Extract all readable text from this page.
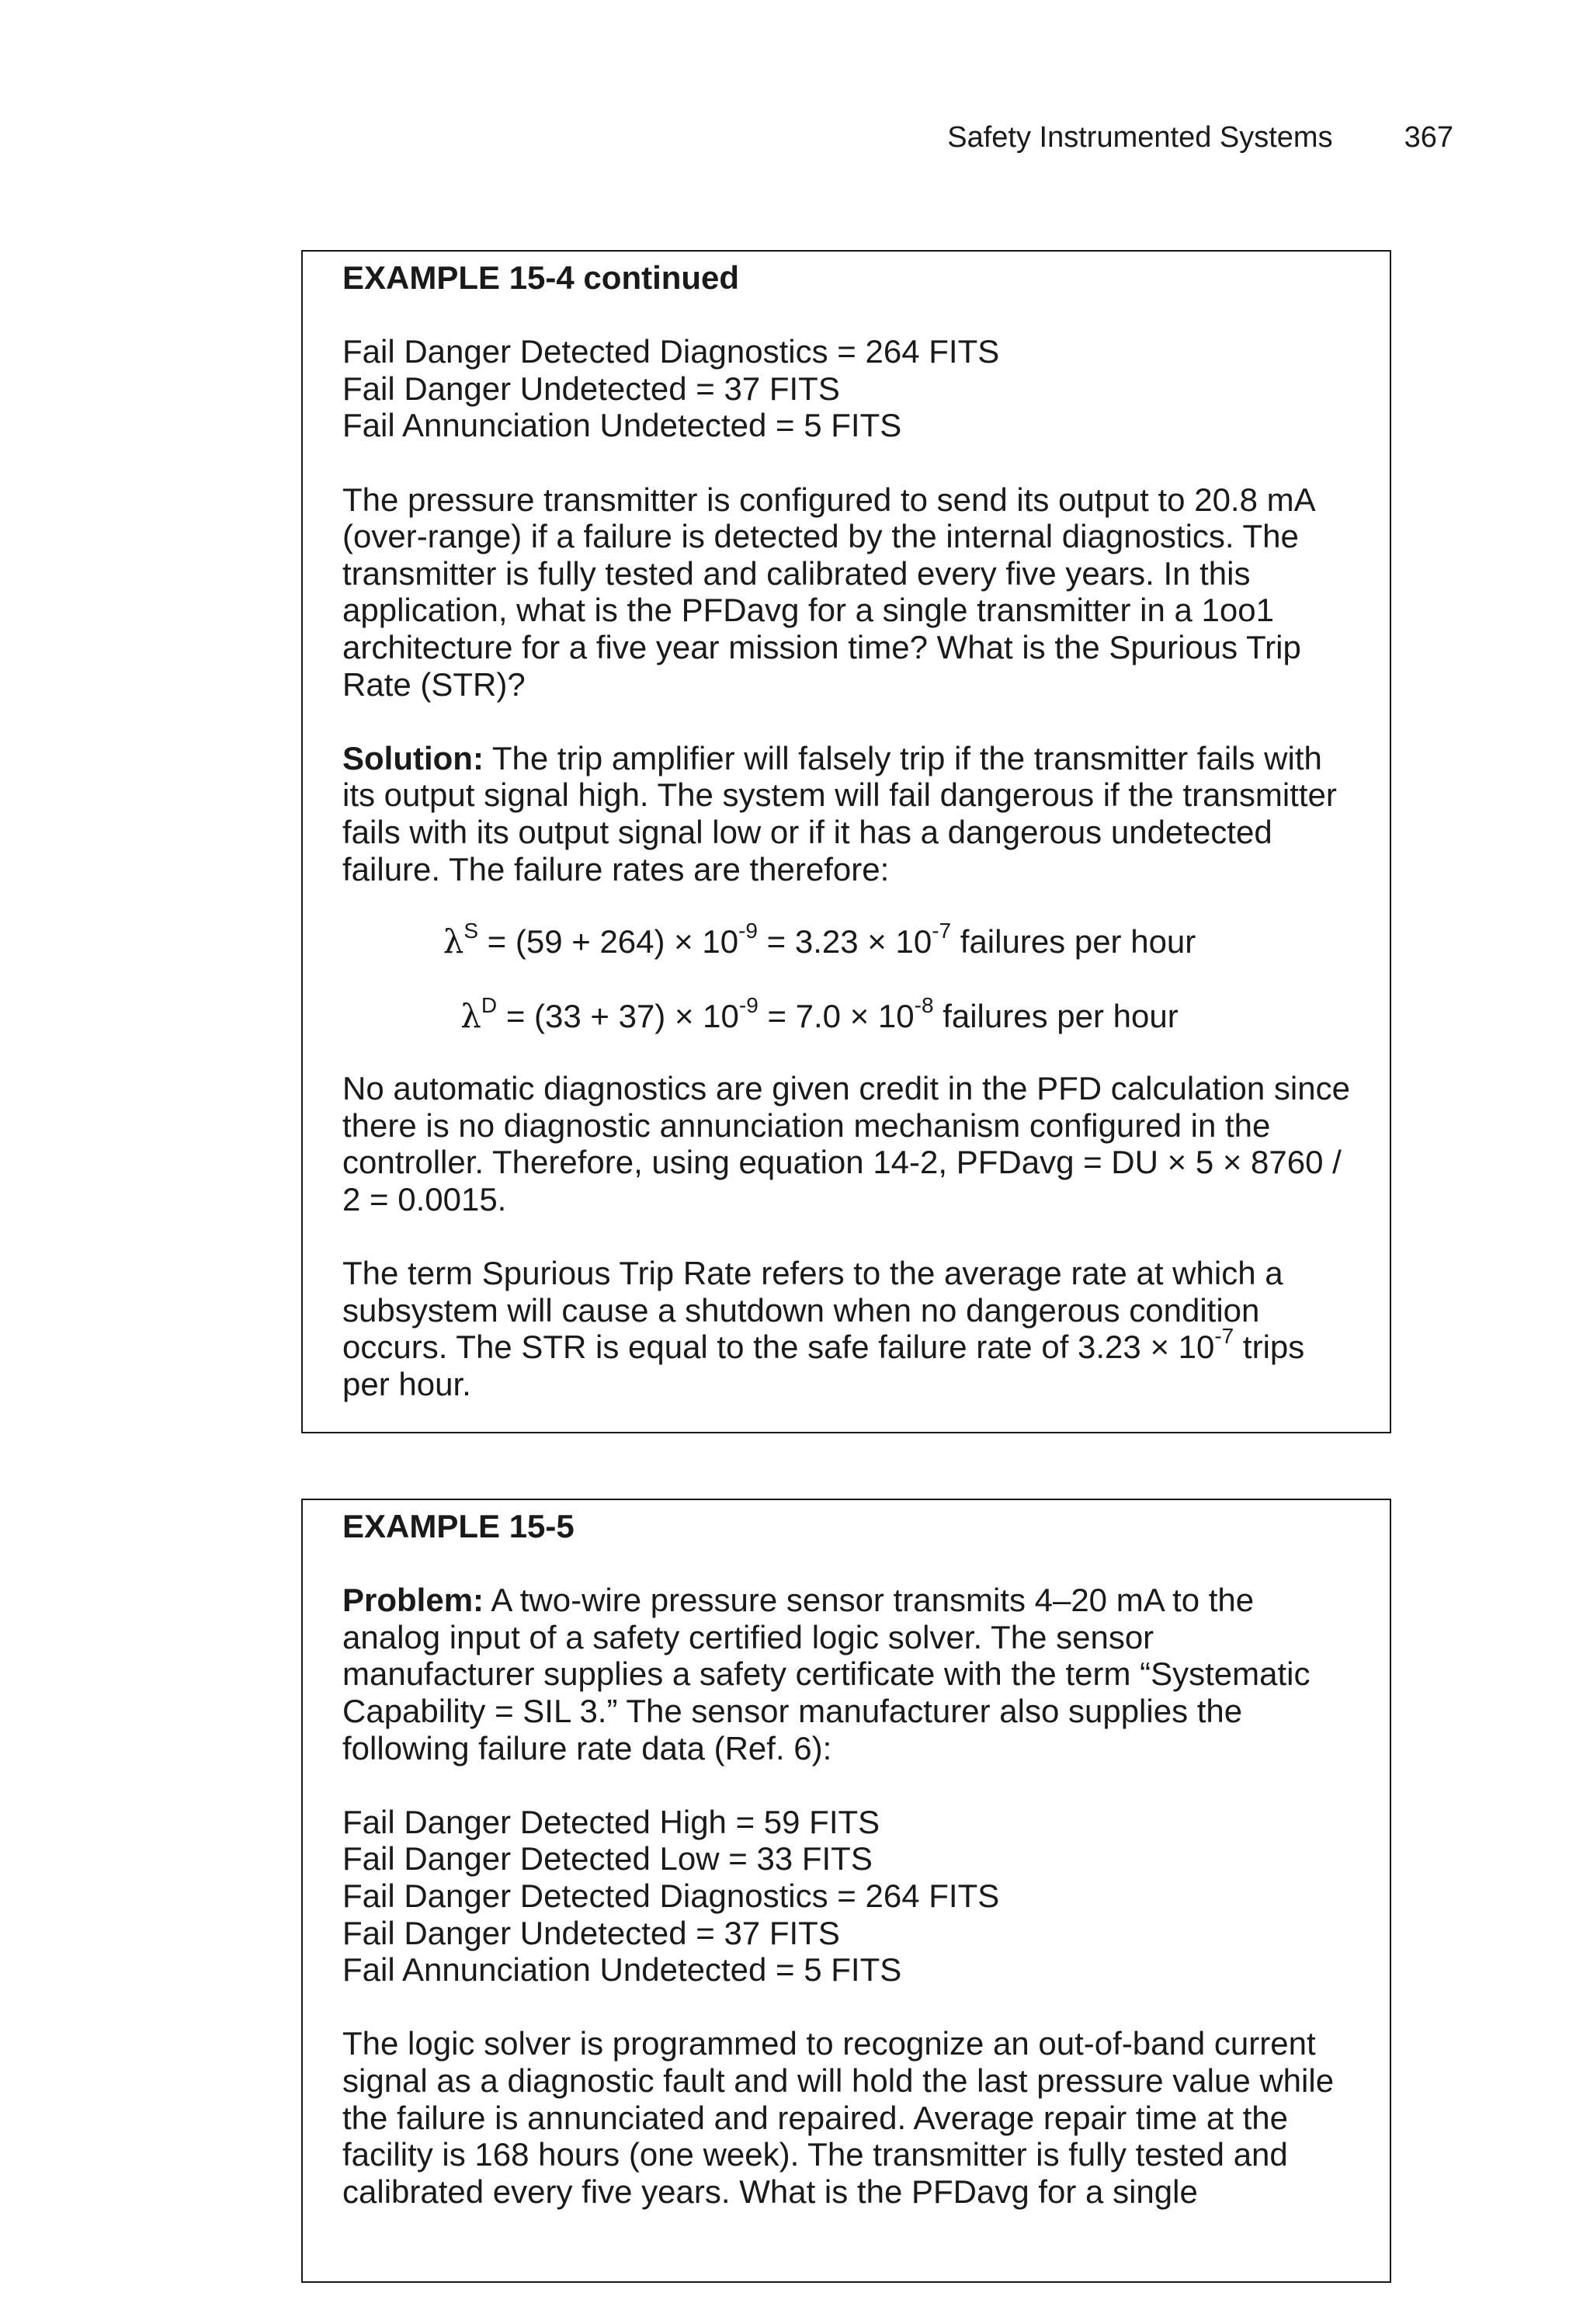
Safety Instrumented Systems 367

EXAMPLE 15-4 continued

Fail Danger Detected Diagnostics = 264 FITS
Fail Danger Undetected = 37 FITS
Fail Annunciation Undetected = 5 FITS

The pressure transmitter is configured to send its output to 20.8 mA (over-range) if a failure is detected by the internal diagnostics. The transmitter is fully tested and calibrated every five years. In this application, what is the PFDavg for a single transmitter in a 1oo1 architecture for a five year mission time? What is the Spurious Trip Rate (STR)?

Solution: The trip amplifier will falsely trip if the transmitter fails with its output signal high. The system will fail dangerous if the transmitter fails with its output signal low or if it has a dangerous undetected failure. The failure rates are therefore:

$\lambda^S = (59 + 264) \times 10^{-9} = 3.23 \times 10^{-7}$ failures per hour

$\lambda^D = (33 + 37) \times 10^{-9} = 7.0 \times 10^{-8}$ failures per hour

No automatic diagnostics are given credit in the PFD calculation since there is no diagnostic annunciation mechanism configured in the controller. Therefore, using equation 14-2, PFDavg = DU × 5 × 8760 / 2 = 0.0015.

The term Spurious Trip Rate refers to the average rate at which a subsystem will cause a shutdown when no dangerous condition occurs. The STR is equal to the safe failure rate of $3.23 \times 10^{-7}$ trips per hour.

EXAMPLE 15-5

Problem: A two-wire pressure sensor transmits 4–20 mA to the analog input of a safety certified logic solver. The sensor manufacturer supplies a safety certificate with the term “Systematic Capability = SIL 3.” The sensor manufacturer also supplies the following failure rate data (Ref. 6):

Fail Danger Detected High = 59 FITS
Fail Danger Detected Low = 33 FITS
Fail Danger Detected Diagnostics = 264 FITS
Fail Danger Undetected = 37 FITS
Fail Annunciation Undetected = 5 FITS

The logic solver is programmed to recognize an out-of-band current signal as a diagnostic fault and will hold the last pressure value while the failure is annunciated and repaired. Average repair time at the facility is 168 hours (one week). The transmitter is fully tested and calibrated every five years. What is the PFDavg for a single
